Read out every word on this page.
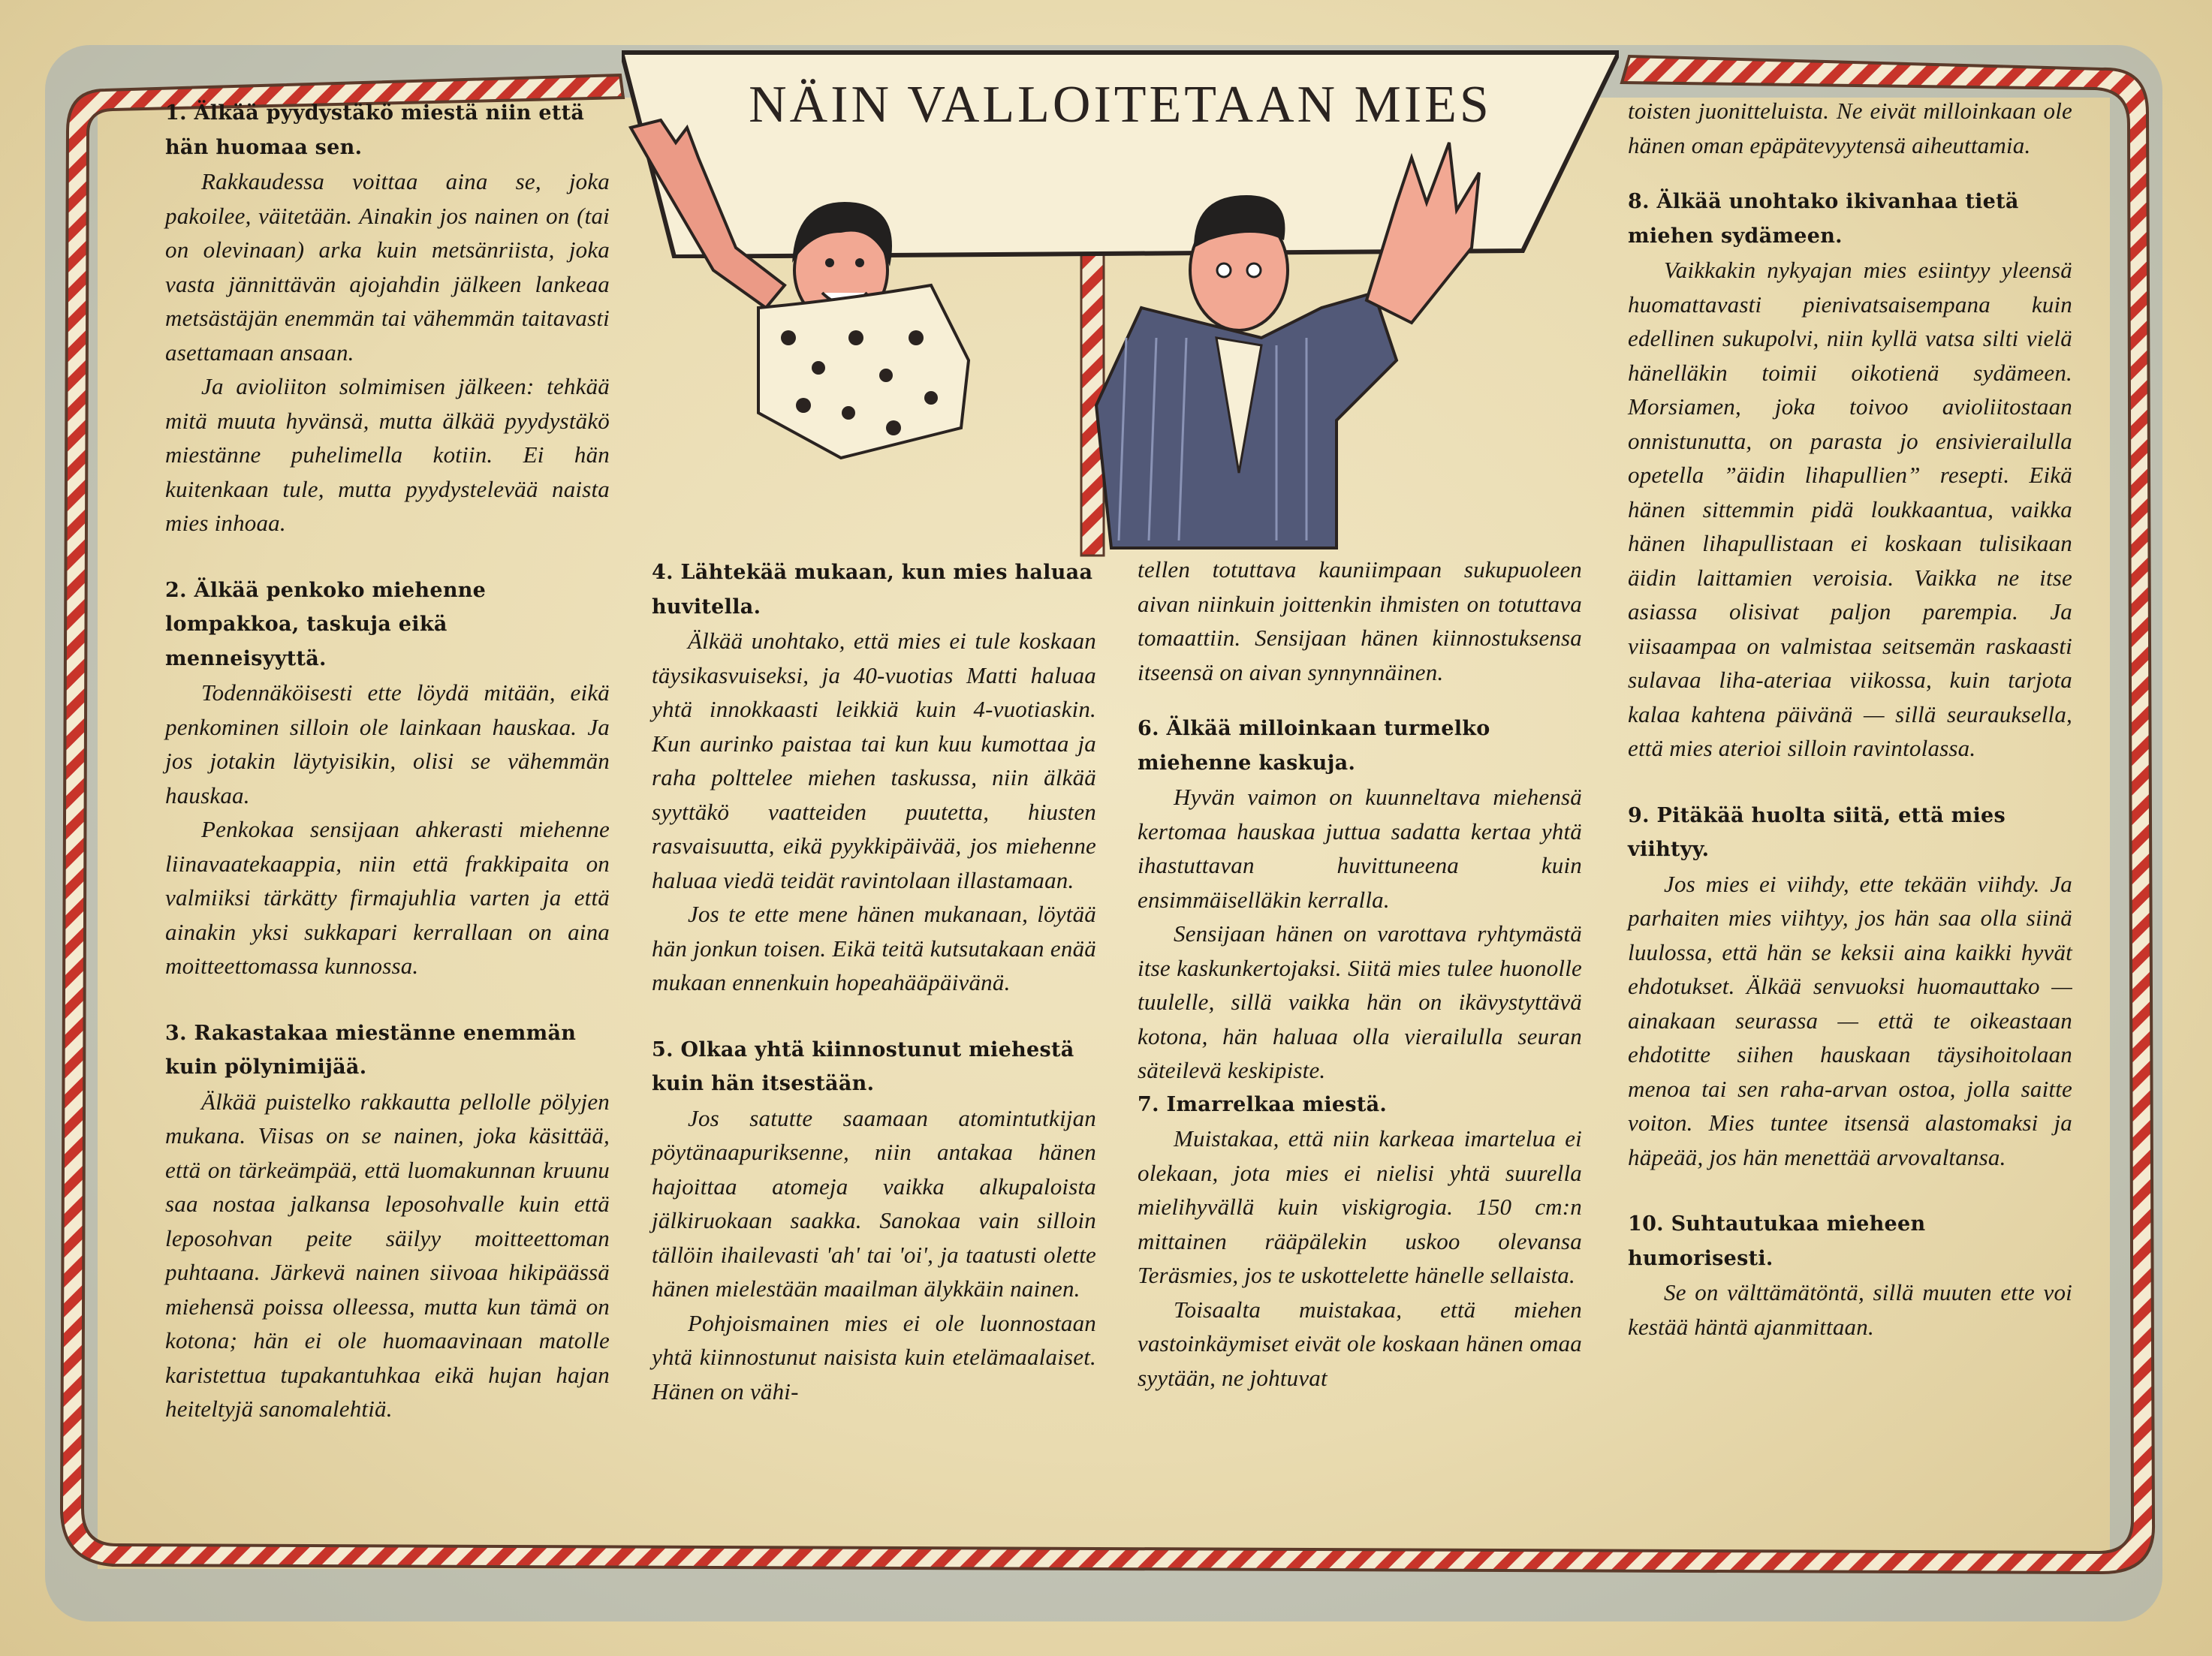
NÄIN VALLOITETAAN MIES
1. Älkää pyydystäkö miestä niin että hän huomaa sen.

Rakkaudessa voittaa aina se, joka pakoilee, väitetään. Ainakin jos nainen on (tai on olevinaan) arka kuin metsänriista, joka vasta jännittävän ajojahdin jälkeen lankeaa metsästäjän enemmän tai vähemmän taitavasti asettamaan ansaan.

Ja avioliiton solmimisen jälkeen: tehkää mitä muuta hyvänsä, mutta älkää pyydystäkö miestänne puhelimella kotiin. Ei hän kuitenkaan tule, mutta pyydystelevää naista mies inhoaa.

2. Älkää penkoko miehenne lompakkoa, taskuja eikä menneisyyttä.

Todennäköisesti ette löydä mitään, eikä penkominen silloin ole lainkaan hauskaa. Ja jos jotakin läytyisikin, olisi se vähemmän hauskaa.

Penkokaa sensijaan ahkerasti miehenne liinavaatekaappia, niin että frakkipaita on valmiiksi tärkätty firmajuhlia varten ja että ainakin yksi sukkapari kerrallaan on aina moitteettomassa kunnossa.

3. Rakastakaa miestänne enemmän kuin pölynimijää.

Älkää puistelko rakkautta pellolle pölyjen mukana. Viisas on se nainen, joka käsittää, että on tärkeämpää, että luomakunnan kruunu saa nostaa jalkansa leposohvalle kuin että leposohvan peite säilyy moitteettoman puhtaana. Järkevä nainen siivoaa hikipäässä miehensä poissa olleessa, mutta kun tämä on kotona; hän ei ole huomaavinaan matolle karistettua tupakantuhkaa eikä hujan hajan heiteltyjä sanomalehtiä.

4. Lähtekää mukaan, kun mies haluaa huvitella.

Älkää unohtako, että mies ei tule koskaan täysikasvuiseksi, ja 40-vuotias Matti haluaa yhtä innokkaasti leikkiä kuin 4-vuotiaskin. Kun aurinko paistaa tai kun kuu kumottaa ja raha polttelee miehen taskussa, niin älkää syyttäkö vaatteiden puutetta, hiusten rasvaisuutta, eikä pyykkipäivää, jos miehenne haluaa viedä teidät ravintolaan illastamaan.

Jos te ette mene hänen mukanaan, löytää hän jonkun toisen. Eikä teitä kutsutakaan enää mukaan ennenkuin hopeahääpäivänä.

5. Olkaa yhtä kiinnostunut miehestä kuin hän itsestään.

Jos satutte saamaan atomintutkijan pöytänaapuriksenne, niin antakaa hänen hajoittaa atomeja vaikka alkupaloista jälkiruokaan saakka. Sanokaa vain silloin tällöin ihailevasti 'ah' tai 'oi', ja taatusti olette hänen mielestään maailman älykkäin nainen.

Pohjoismainen mies ei ole luonnostaan yhtä kiinnostunut naisista kuin etelämaalaiset. Hänen on vähi-

tellen totuttava kauniimpaan sukupuoleen aivan niinkuin joittenkin ihmisten on totuttava tomaattiin. Sensijaan hänen kiinnostuksensa itseensä on aivan synnynnäinen.

6. Älkää milloinkaan turmelko miehenne kaskuja.

Hyvän vaimon on kuunneltava miehensä kertomaa hauskaa juttua sadatta kertaa yhtä ihastuttavan huvittuneena kuin ensimmäiselläkin kerralla.

Sensijaan hänen on varottava ryhtymästä itse kaskunkertojaksi. Siitä mies tulee huonolle tuulelle, sillä vaikka hän on ikävystyttävä kotona, hän haluaa olla vierailulla seuran säteilevä keskipiste.

7. Imarrelkaa miestä.

Muistakaa, että niin karkeaa imartelua ei olekaan, jota mies ei nielisi yhtä suurella mielihyvällä kuin viskigrogia. 150 cm:n mittainen rääpälekin uskoo olevansa Teräsmies, jos te uskottelette hänelle sellaista.

Toisaalta muistakaa, että miehen vastoinkäymiset eivät ole koskaan hänen omaa syytään, ne johtuvat

toisten juonitteluista. Ne eivät milloinkaan ole hänen oman epäpätevyytensä aiheuttamia.

8. Älkää unohtako ikivanhaa tietä miehen sydämeen.

Vaikkakin nykyajan mies esiintyy yleensä huomattavasti pienivatsaisempana kuin edellinen sukupolvi, niin kyllä vatsa silti vielä hänelläkin toimii oikotienä sydämeen. Morsiamen, joka toivoo avioliitostaan onnistunutta, on parasta jo ensivierailulla opetella ”äidin lihapullien” resepti. Eikä hänen sittemmin pidä loukkaantua, vaikka hänen lihapullistaan ei koskaan tulisikaan äidin laittamien veroisia. Vaikka ne itse asiassa olisivat paljon parempia. Ja viisaampaa on valmistaa seitsemän raskaasti sulavaa liha-ateriaa viikossa, kuin tarjota kalaa kahtena päivänä — sillä seurauksella, että mies aterioi silloin ravintolassa.

9. Pitäkää huolta siitä, että mies viihtyy.

Jos mies ei viihdy, ette tekään viihdy. Ja parhaiten mies viihtyy, jos hän saa olla siinä luulossa, että hän se keksii aina kaikki hyvät ehdotukset. Älkää senvuoksi huomauttako — ainakaan seurassa — että te oikeastaan ehdotitte siihen hauskaan täysihoitolaan menoa tai sen raha-arvan ostoa, jolla saitte voiton. Mies tuntee itsensä alastomaksi ja häpeää, jos hän menettää arvovaltansa.

10. Suhtautukaa mieheen humorisesti.

Se on välttämätöntä, sillä muuten ette voi kestää häntä ajanmittaan.
